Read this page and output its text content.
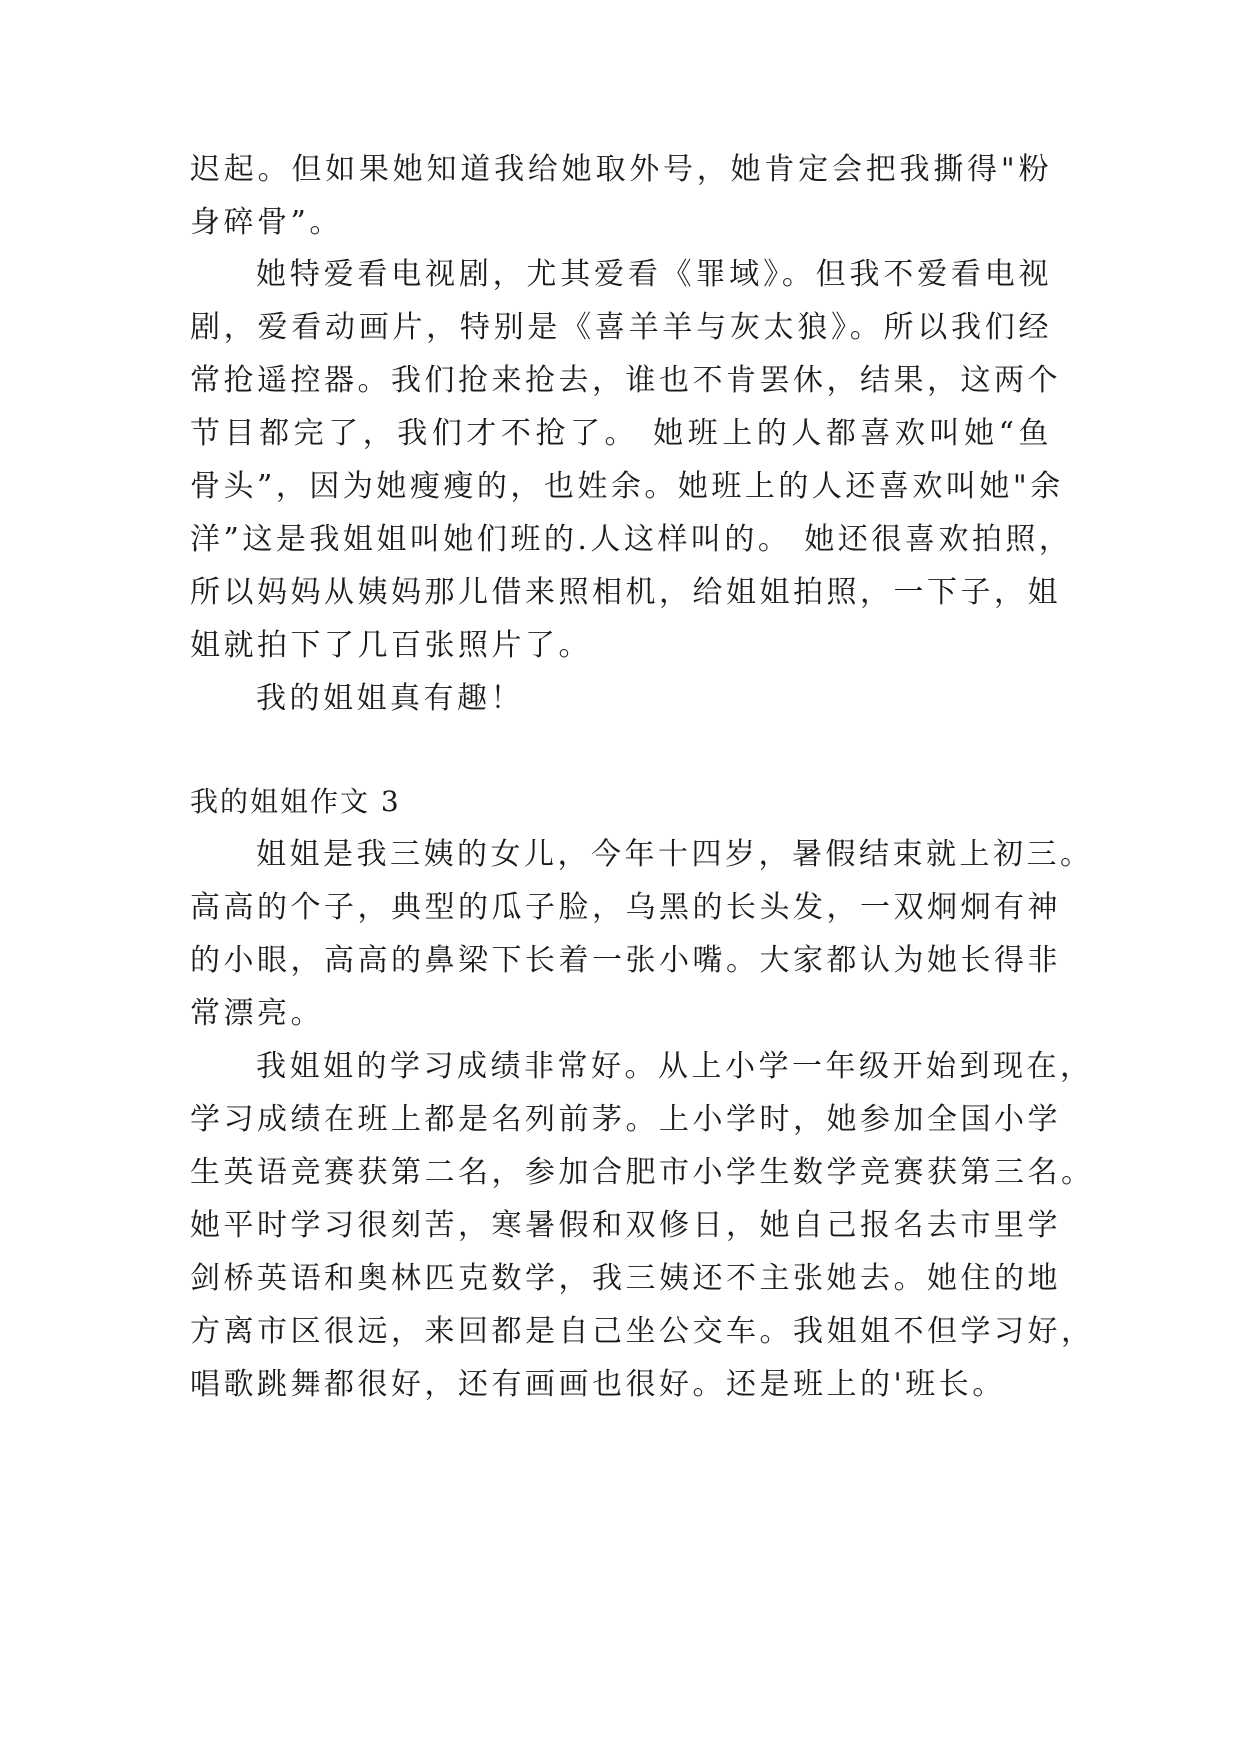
迟起。但如果她知道我给她取外号，她肯定会把我撕得"粉
身碎骨”。
她特爱看电视剧，尤其爱看《罪域》。但我不爱看电视
剧，爱看动画片，特别是《喜羊羊与灰太狼》。所以我们经
常抢遥控器。我们抢来抢去，谁也不肯罢休，结果，这两个
节目都完了，我们才不抢了。 她班上的人都喜欢叫她“鱼
骨头”，因为她瘦瘦的，也姓余。她班上的人还喜欢叫她"余
洋”这是我姐姐叫她们班的.人这样叫的。 她还很喜欢拍照，
所以妈妈从姨妈那儿借来照相机，给姐姐拍照，一下子，姐
姐就拍下了几百张照片了。
我的姐姐真有趣！
我的姐姐作文 3
姐姐是我三姨的女儿，今年十四岁，暑假结束就上初三。
高高的个子，典型的瓜子脸，乌黑的长头发，一双炯炯有神
的小眼，高高的鼻梁下长着一张小嘴。大家都认为她长得非
常漂亮。
我姐姐的学习成绩非常好。从上小学一年级开始到现在，
学习成绩在班上都是名列前茅。上小学时，她参加全国小学
生英语竞赛获第二名，参加合肥市小学生数学竞赛获第三名。
她平时学习很刻苦，寒暑假和双修日，她自己报名去市里学
剑桥英语和奥林匹克数学，我三姨还不主张她去。她住的地
方离市区很远，来回都是自己坐公交车。我姐姐不但学习好，
唱歌跳舞都很好，还有画画也很好。还是班上的'班长。
